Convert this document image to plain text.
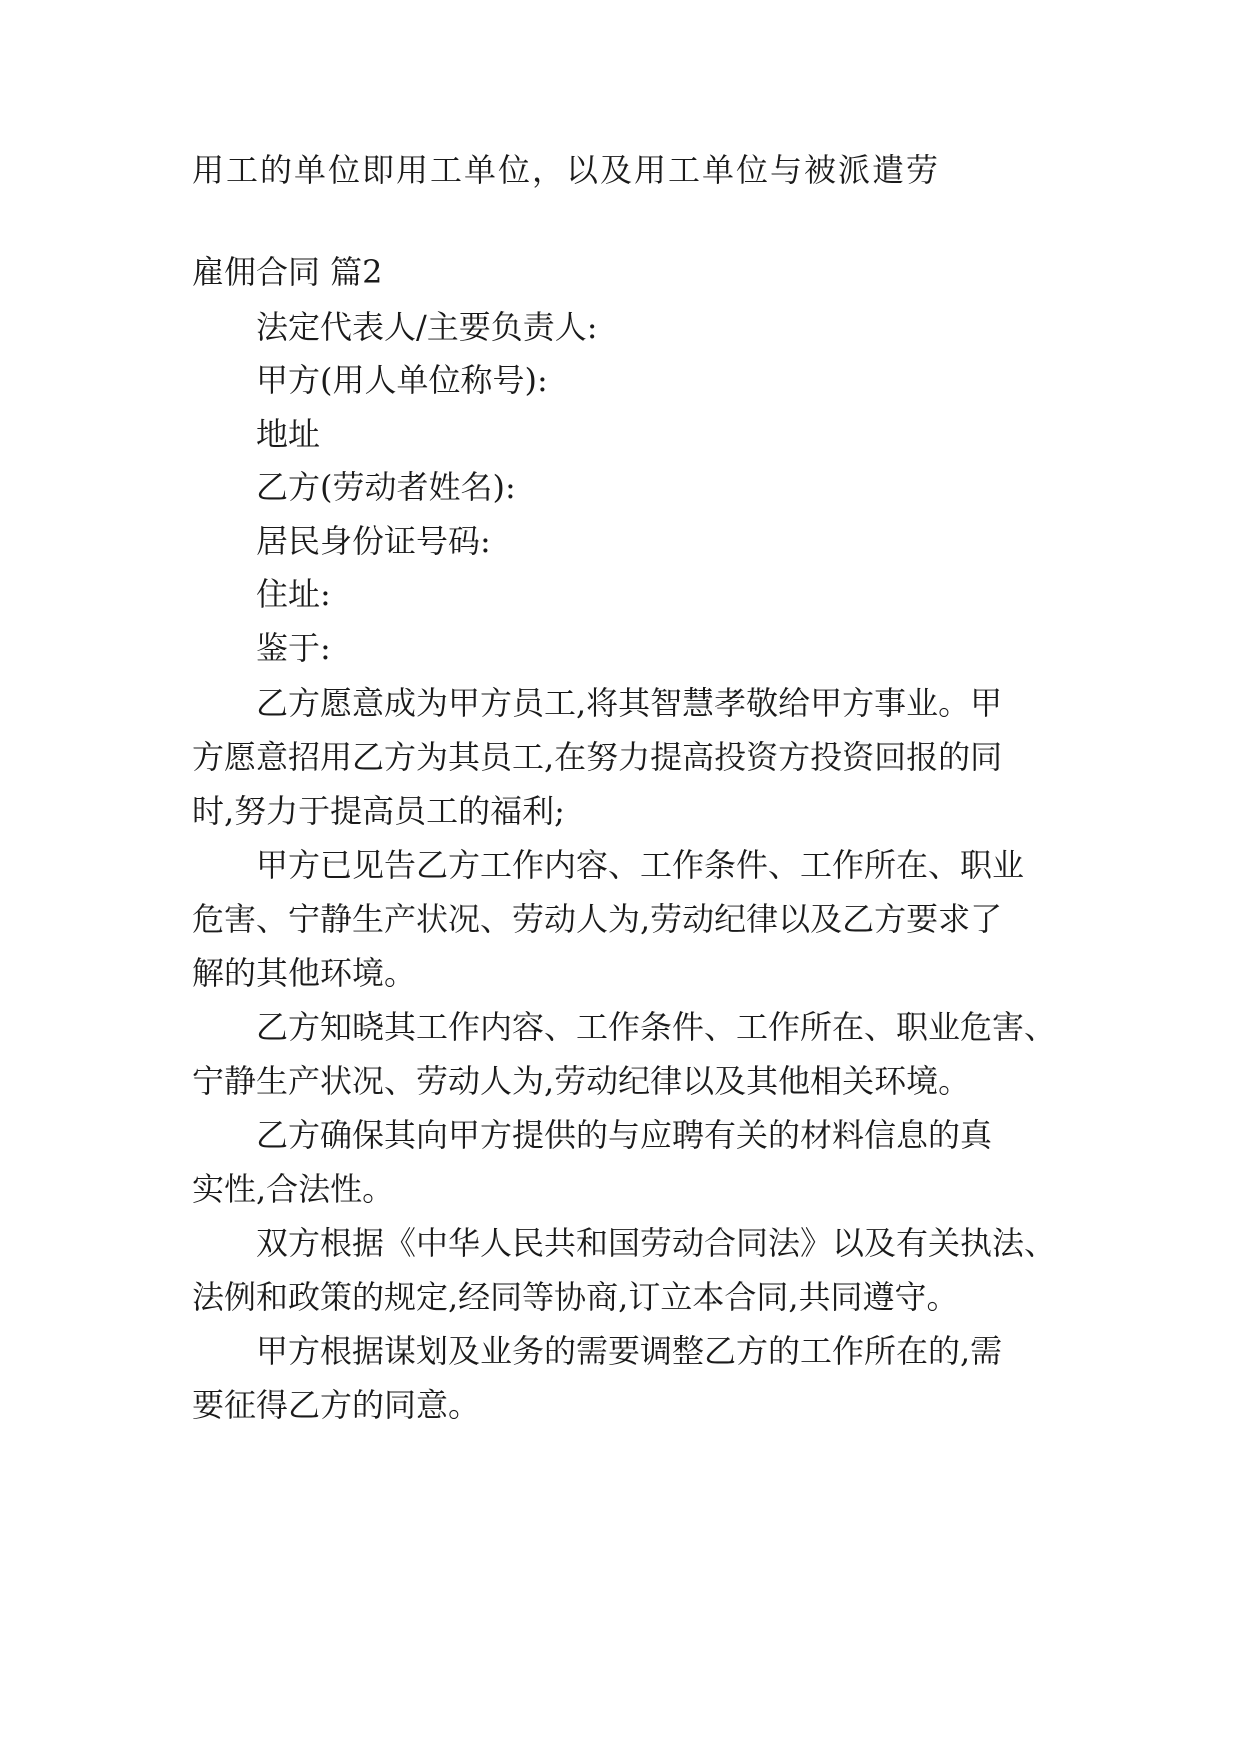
用工的单位即用工单位，以及用工单位与被派遣劳
雇佣合同 篇2
法定代表人/主要负责人:
甲方(用人单位称号):
地址
乙方(劳动者姓名):
居民身份证号码:
住址:
鉴于:
乙方愿意成为甲方员工,将其智慧孝敬给甲方事业。甲
方愿意招用乙方为其员工,在努力提高投资方投资回报的同
时,努力于提高员工的福利;
甲方已见告乙方工作内容、工作条件、工作所在、职业
危害、宁静生产状况、劳动人为,劳动纪律以及乙方要求了
解的其他环境。
乙方知晓其工作内容、工作条件、工作所在、职业危害、
宁静生产状况、劳动人为,劳动纪律以及其他相关环境。
乙方确保其向甲方提供的与应聘有关的材料信息的真
实性,合法性。
双方根据《中华人民共和国劳动合同法》以及有关执法、
法例和政策的规定,经同等协商,订立本合同,共同遵守。
甲方根据谋划及业务的需要调整乙方的工作所在的,需
要征得乙方的同意。
